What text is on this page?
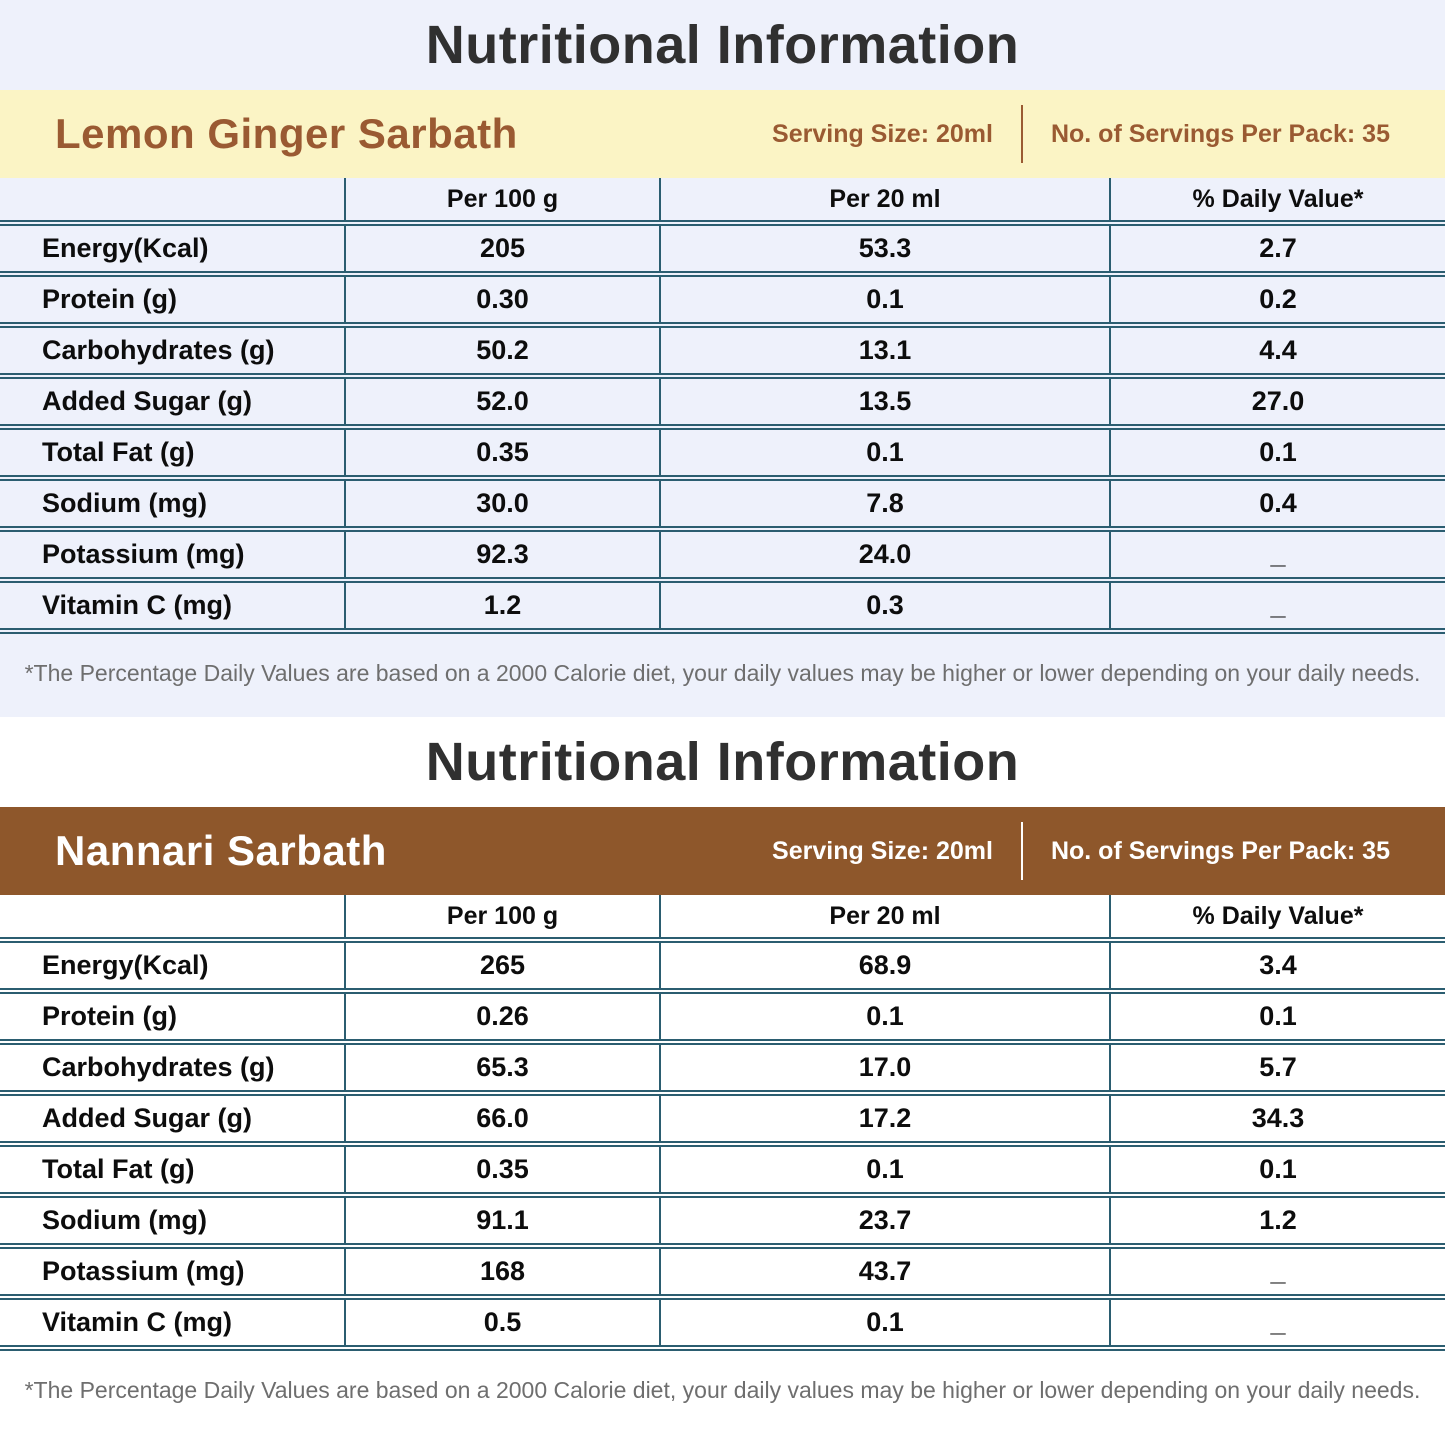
Nutritional Information
Lemon Ginger Sarbath	Serving Size: 20ml No. of Servings Per Pack: 35
	Per 100 g	Per 20 ml	% Daily Value*
Energy(Kcal)	205	53.3	2.7
Protein (g)	0.30	0.1	0.2
Carbohydrates (g)	50.2	13.1	4.4
Added Sugar (g)	52.0	13.5	27.0
Total Fat (g)	0.35	0.1	0.1
Sodium (mg)	30.0	7.8	0.4
Potassium (mg)	92.3	24.0	_
Vitamin C (mg)	1.2	0.3	_

*The Percentage Daily Values are based on a 2000 Calorie diet, your daily values may be higher or lower depending on your daily needs.

Nutritional Information
Nannari Sarbath	Serving Size: 20ml No. of Servings Per Pack: 35
	Per 100 g	Per 20 ml	% Daily Value*
Energy(Kcal)	265	68.9	3.4
Protein (g)	0.26	0.1	0.1
Carbohydrates (g)	65.3	17.0	5.7
Added Sugar (g)	66.0	17.2	34.3
Total Fat (g)	0.35	0.1	0.1
Sodium (mg)	91.1	23.7	1.2
Potassium (mg)	168	43.7	_
Vitamin C (mg)	0.5	0.1	_

*The Percentage Daily Values are based on a 2000 Calorie diet, your daily values may be higher or lower depending on your daily needs.
